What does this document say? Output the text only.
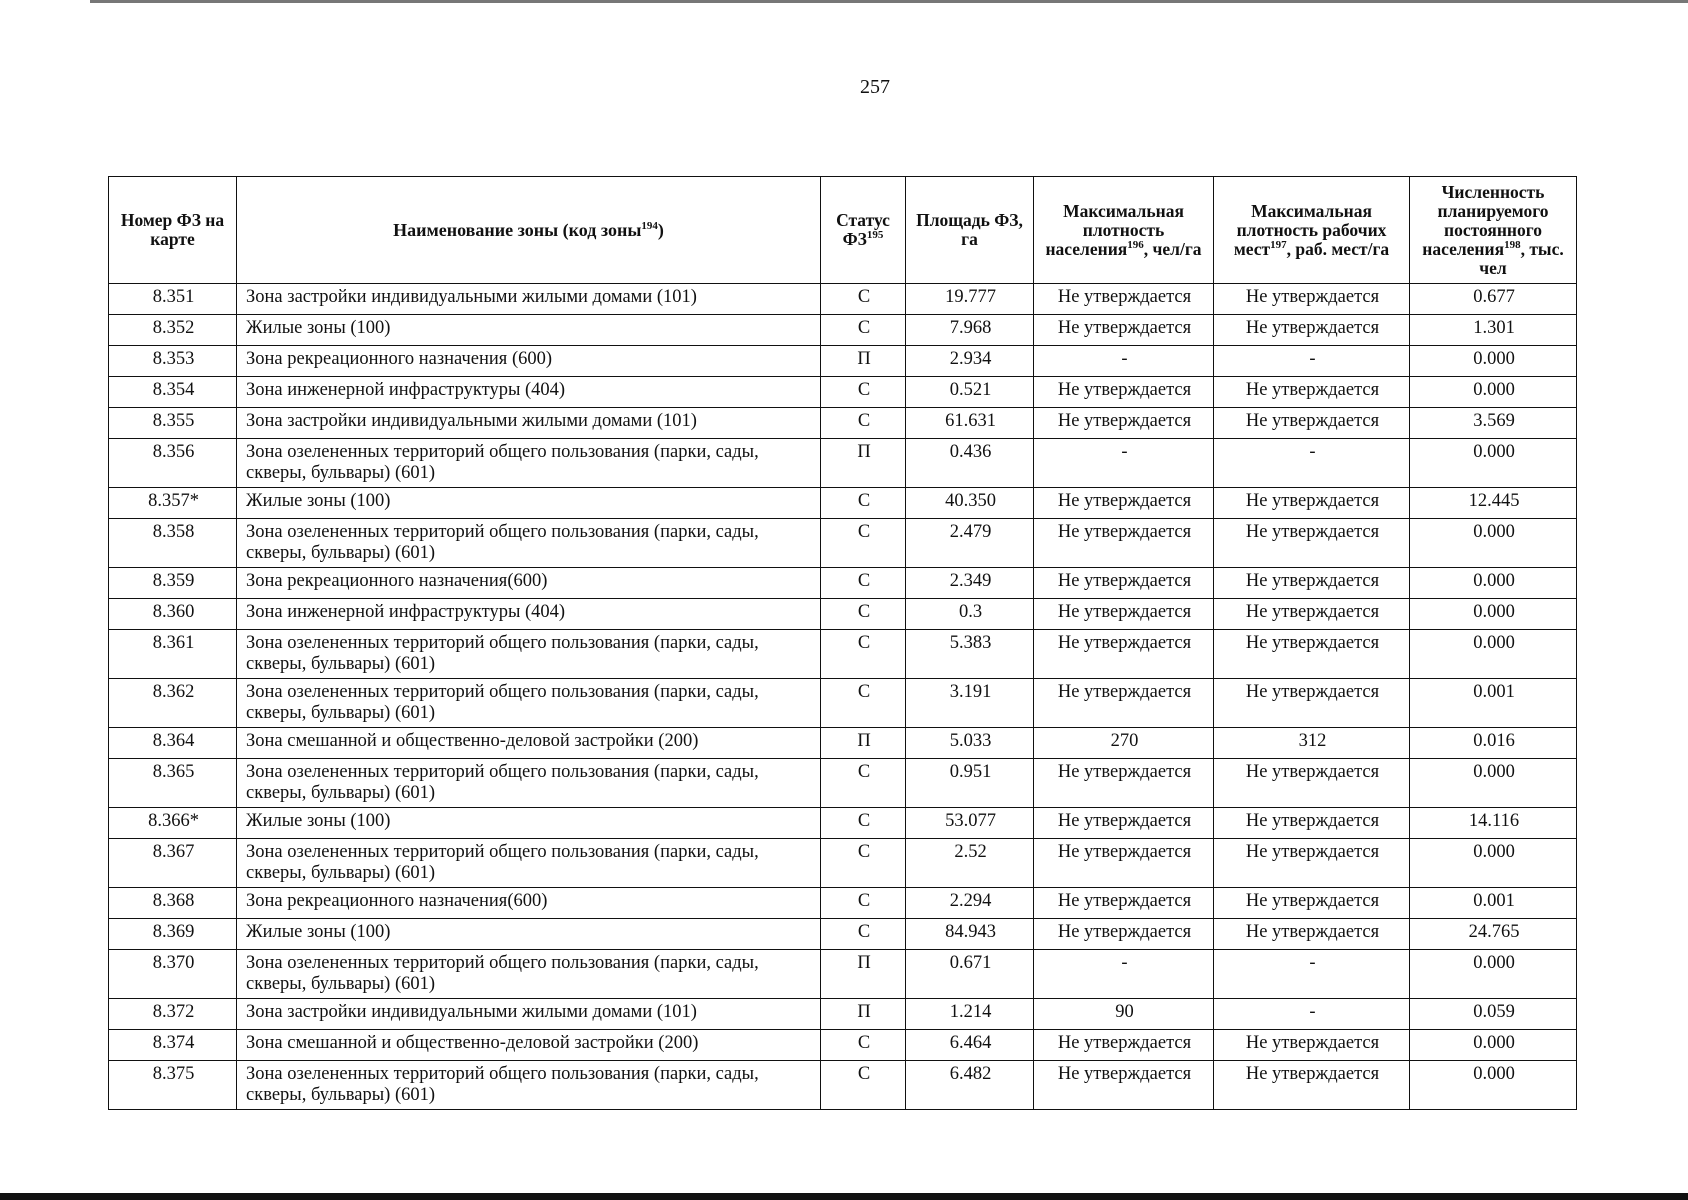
257
Номер ФЗ на карте	Наименование зоны (код зоны$^{194}$)	Статус ФЗ$^{195}$	Площадь ФЗ, га	Максимальная плотность населения$^{196}$, чел/га	Максимальная плотность рабочих мест$^{197}$, раб. мест/га	Численность планируемого постоянного населения$^{198}$, тыс. чел
8.351	Зона застройки индивидуальными жилыми домами (101)	С	19.777	Не утверждается	Не утверждается	0.677
8.352	Жилые зоны (100)	С	7.968	Не утверждается	Не утверждается	1.301
8.353	Зона рекреационного назначения (600)	П	2.934	-	-	0.000
8.354	Зона инженерной инфраструктуры (404)	С	0.521	Не утверждается	Не утверждается	0.000
8.355	Зона застройки индивидуальными жилыми домами (101)	С	61.631	Не утверждается	Не утверждается	3.569
8.356	Зона озелененных территорий общего пользования (парки, сады, скверы, бульвары) (601)	П	0.436	-	-	0.000
8.357*	Жилые зоны (100)	С	40.350	Не утверждается	Не утверждается	12.445
8.358	Зона озелененных территорий общего пользования (парки, сады, скверы, бульвары) (601)	С	2.479	Не утверждается	Не утверждается	0.000
8.359	Зона рекреационного назначения(600)	С	2.349	Не утверждается	Не утверждается	0.000
8.360	Зона инженерной инфраструктуры (404)	С	0.3	Не утверждается	Не утверждается	0.000
8.361	Зона озелененных территорий общего пользования (парки, сады, скверы, бульвары) (601)	С	5.383	Не утверждается	Не утверждается	0.000
8.362	Зона озелененных территорий общего пользования (парки, сады, скверы, бульвары) (601)	С	3.191	Не утверждается	Не утверждается	0.001
8.364	Зона смешанной и общественно-деловой застройки (200)	П	5.033	270	312	0.016
8.365	Зона озелененных территорий общего пользования (парки, сады, скверы, бульвары) (601)	С	0.951	Не утверждается	Не утверждается	0.000
8.366*	Жилые зоны (100)	С	53.077	Не утверждается	Не утверждается	14.116
8.367	Зона озелененных территорий общего пользования (парки, сады, скверы, бульвары) (601)	С	2.52	Не утверждается	Не утверждается	0.000
8.368	Зона рекреационного назначения(600)	С	2.294	Не утверждается	Не утверждается	0.001
8.369	Жилые зоны (100)	С	84.943	Не утверждается	Не утверждается	24.765
8.370	Зона озелененных территорий общего пользования (парки, сады, скверы, бульвары) (601)	П	0.671	-	-	0.000
8.372	Зона застройки индивидуальными жилыми домами (101)	П	1.214	90	-	0.059
8.374	Зона смешанной и общественно-деловой застройки (200)	С	6.464	Не утверждается	Не утверждается	0.000
8.375	Зона озелененных территорий общего пользования (парки, сады, скверы, бульвары) (601)	С	6.482	Не утверждается	Не утверждается	0.000
